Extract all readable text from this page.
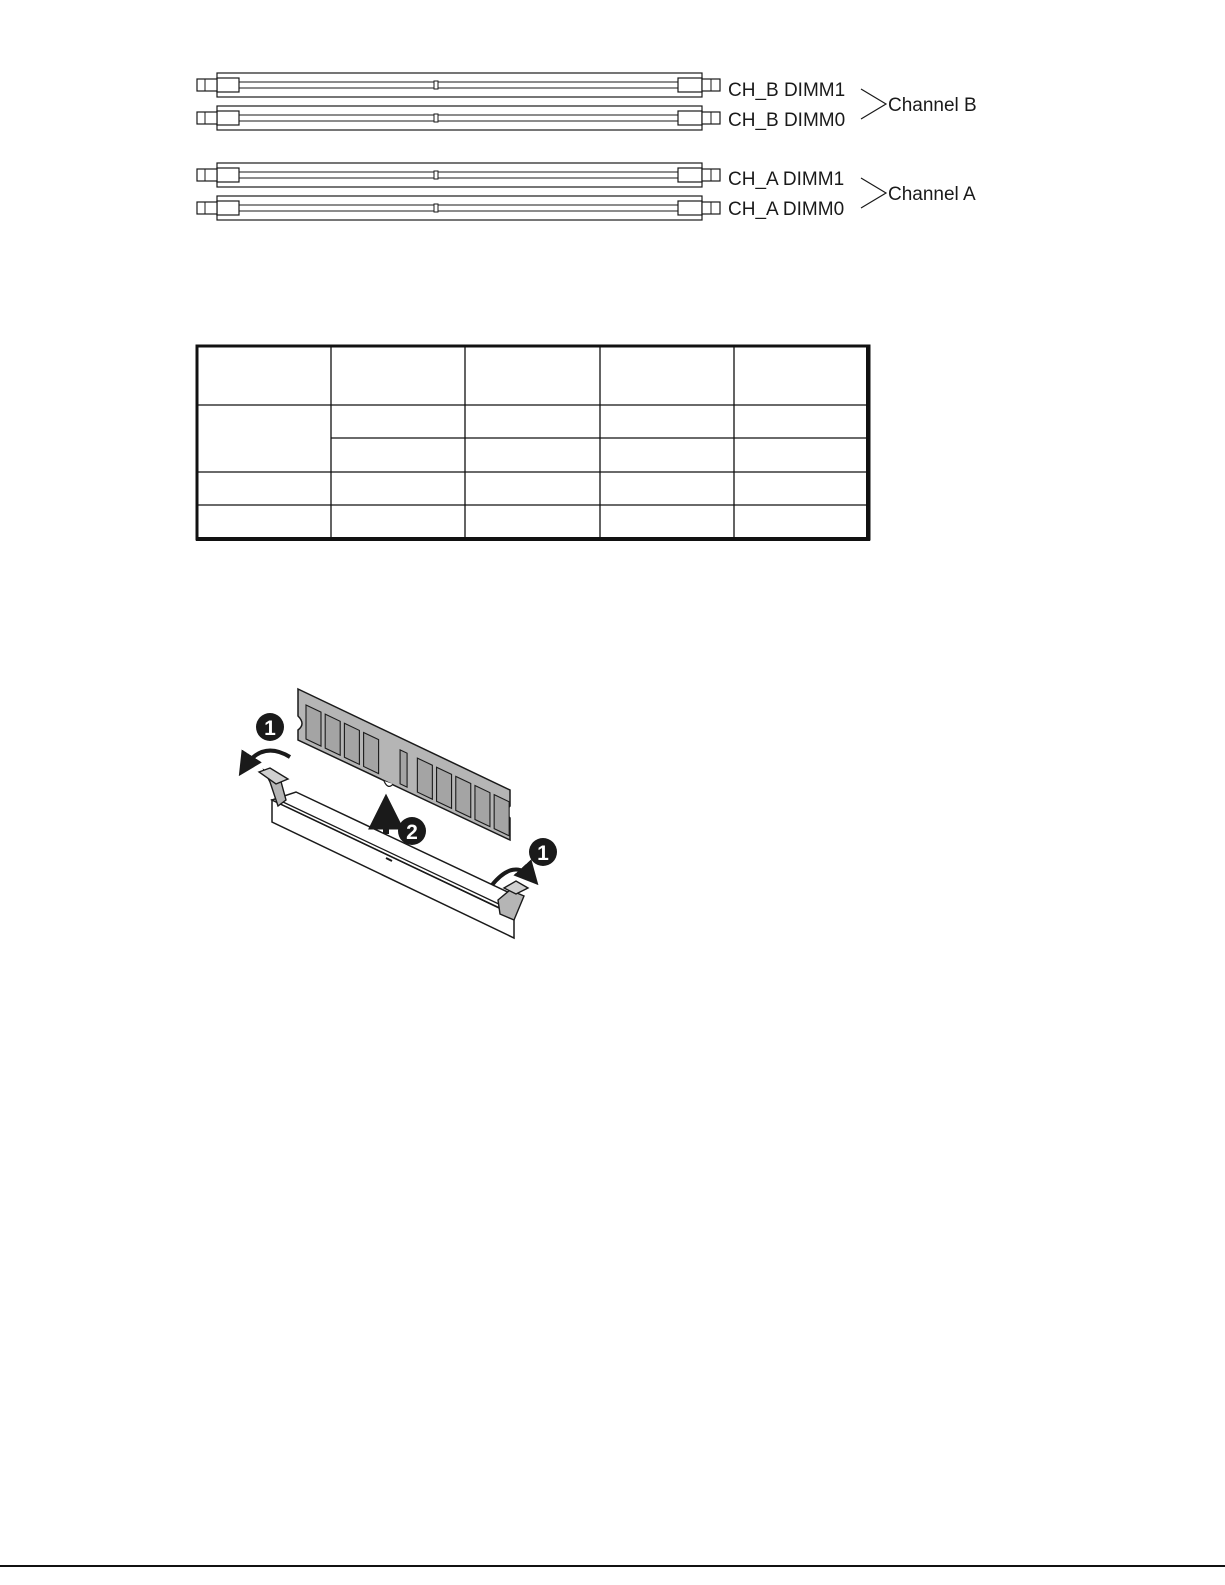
CH_B DIMM1
CH_B DIMM0
CH_A DIMM1
CH_A DIMM0
Channel B
Channel A
1
2
1
